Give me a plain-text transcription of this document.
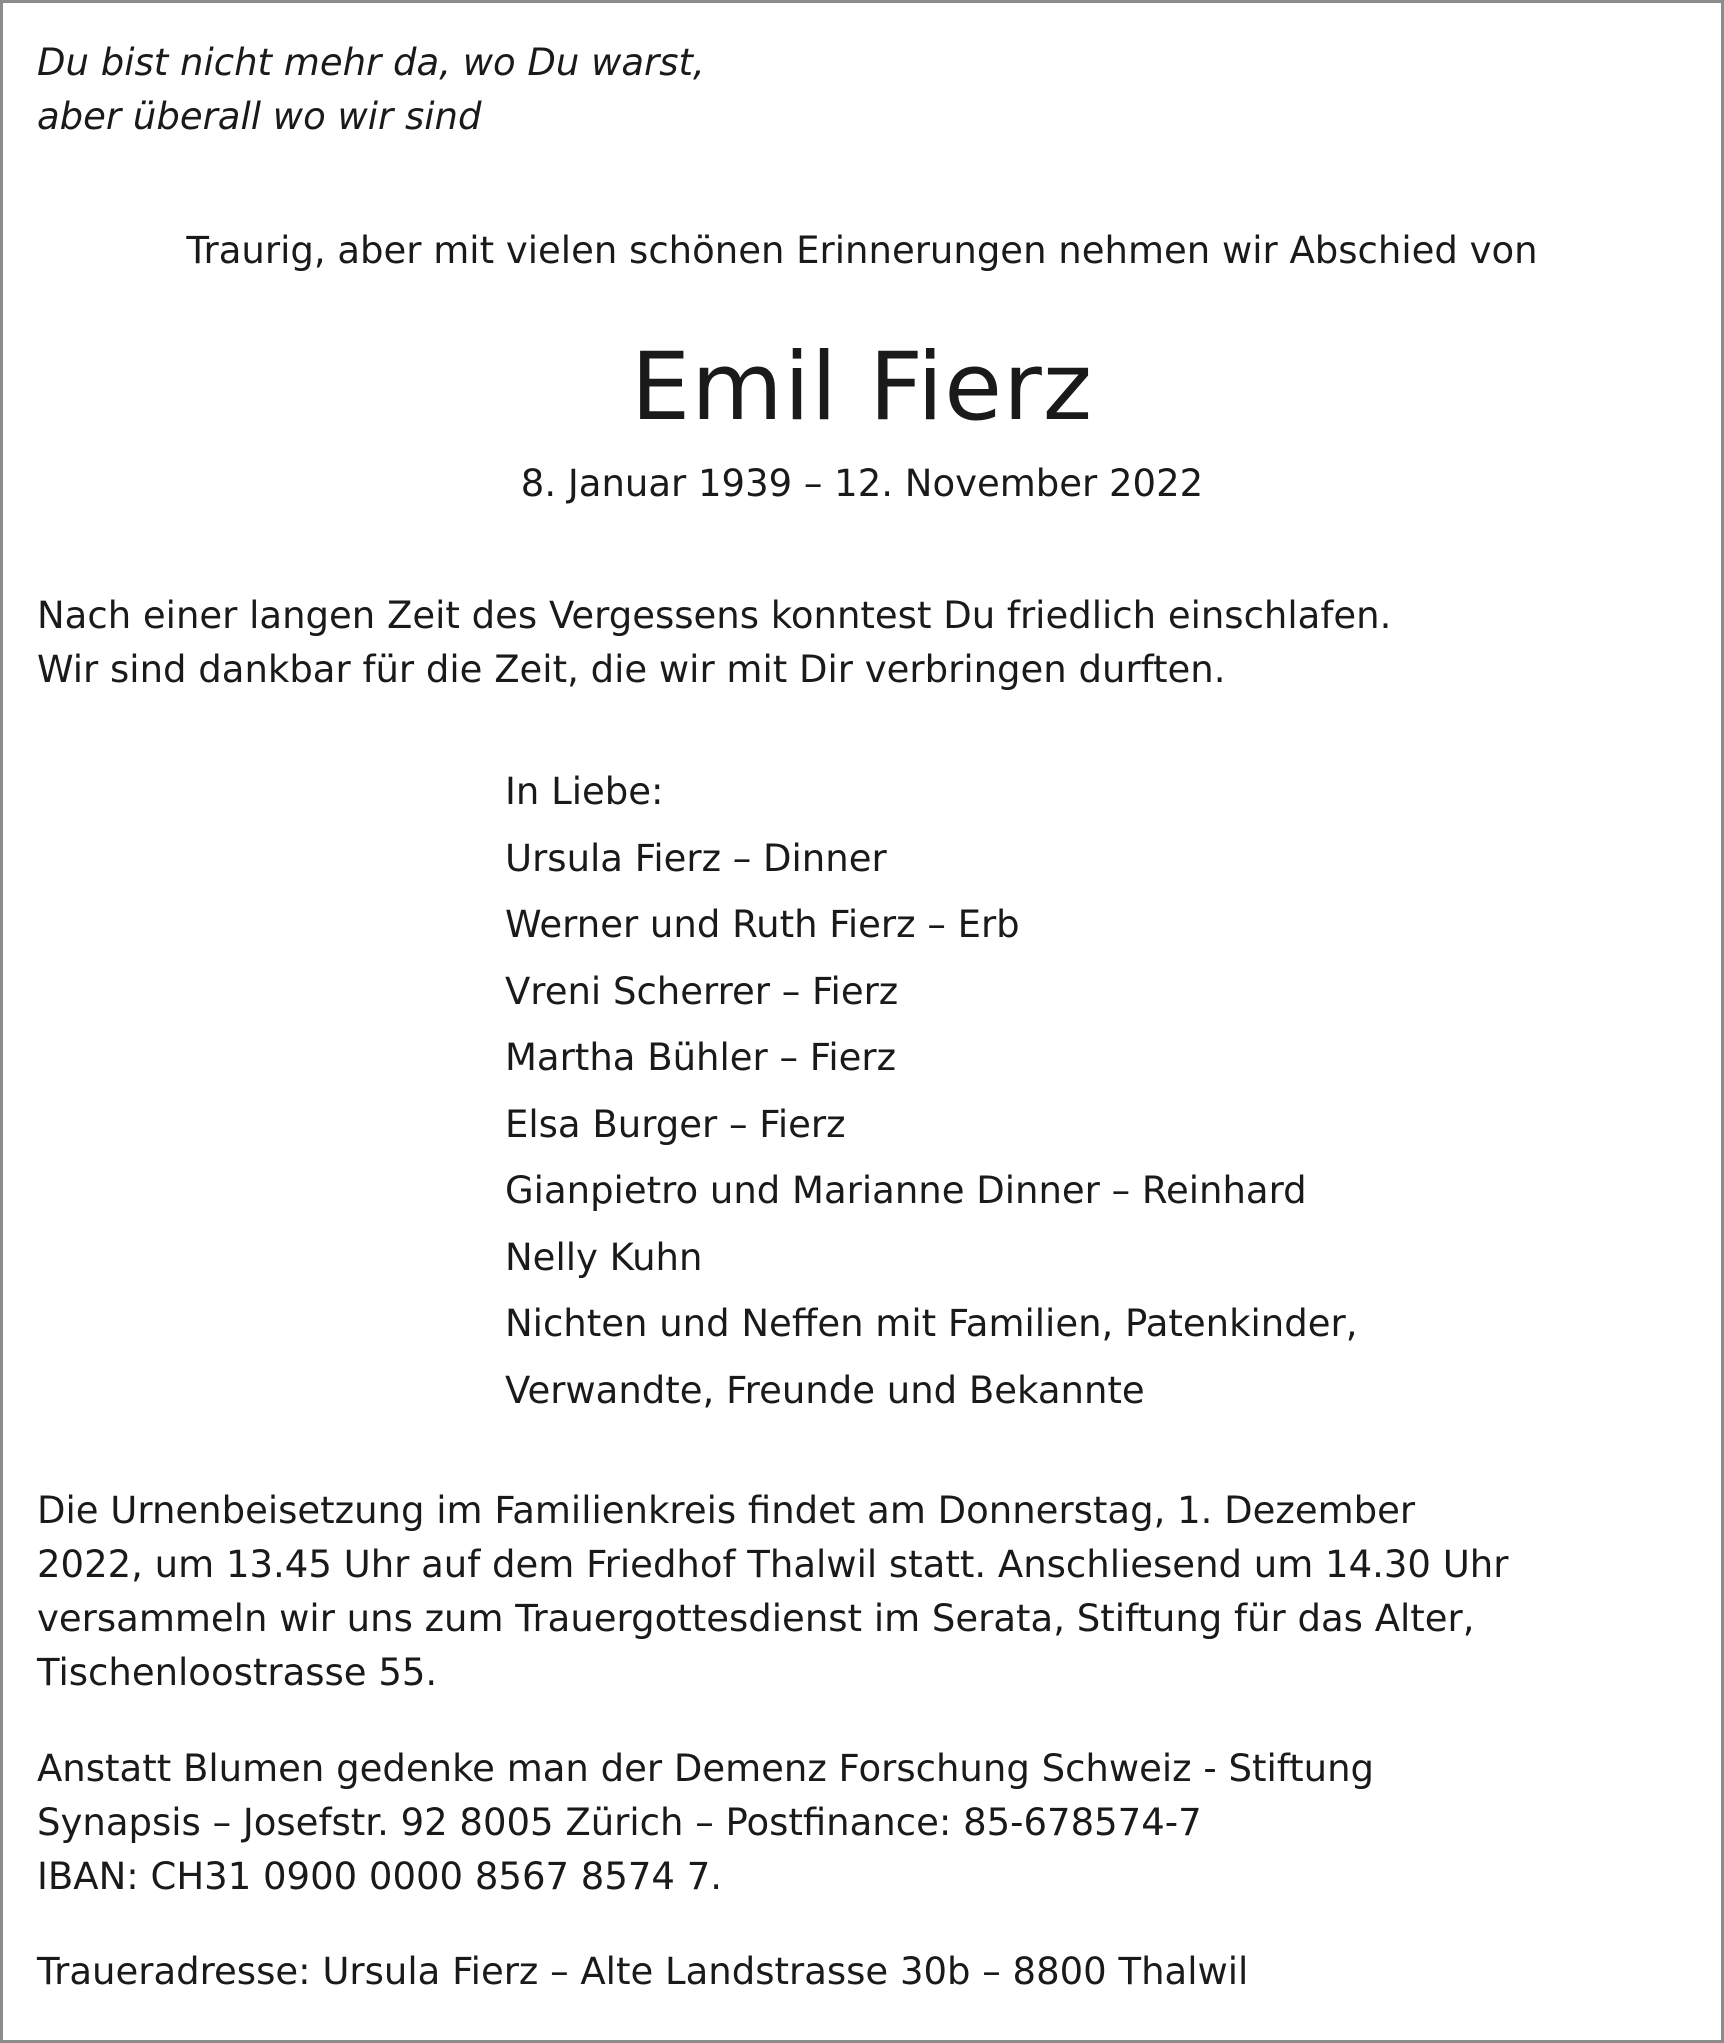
Du bist nicht mehr da, wo Du warst,
aber überall wo wir sind
Traurig, aber mit vielen schönen Erinnerungen nehmen wir Abschied von
Emil Fierz
8. Januar 1939 – 12. November 2022
Nach einer langen Zeit des Vergessens konntest Du friedlich einschlafen.
Wir sind dankbar für die Zeit, die wir mit Dir verbringen durften.
In Liebe:
Ursula Fierz – Dinner
Werner und Ruth Fierz – Erb
Vreni Scherrer – Fierz
Martha Bühler – Fierz
Elsa Burger – Fierz
Gianpietro und Marianne Dinner – Reinhard
Nelly Kuhn
Nichten und Neffen mit Familien, Patenkinder,
Verwandte, Freunde und Bekannte
Die Urnenbeisetzung im Familienkreis findet am Donnerstag, 1. Dezember
2022, um 13.45 Uhr auf dem Friedhof Thalwil statt. Anschliesend um 14.30 Uhr
versammeln wir uns zum Trauergottesdienst im Serata, Stiftung für das Alter,
Tischenloostrasse 55.
Anstatt Blumen gedenke man der Demenz Forschung Schweiz - Stiftung
Synapsis – Josefstr. 92 8005 Zürich – Postfinance: 85-678574-7
IBAN: CH31 0900 0000 8567 8574 7.
Traueradresse: Ursula Fierz – Alte Landstrasse 30b – 8800 Thalwil
